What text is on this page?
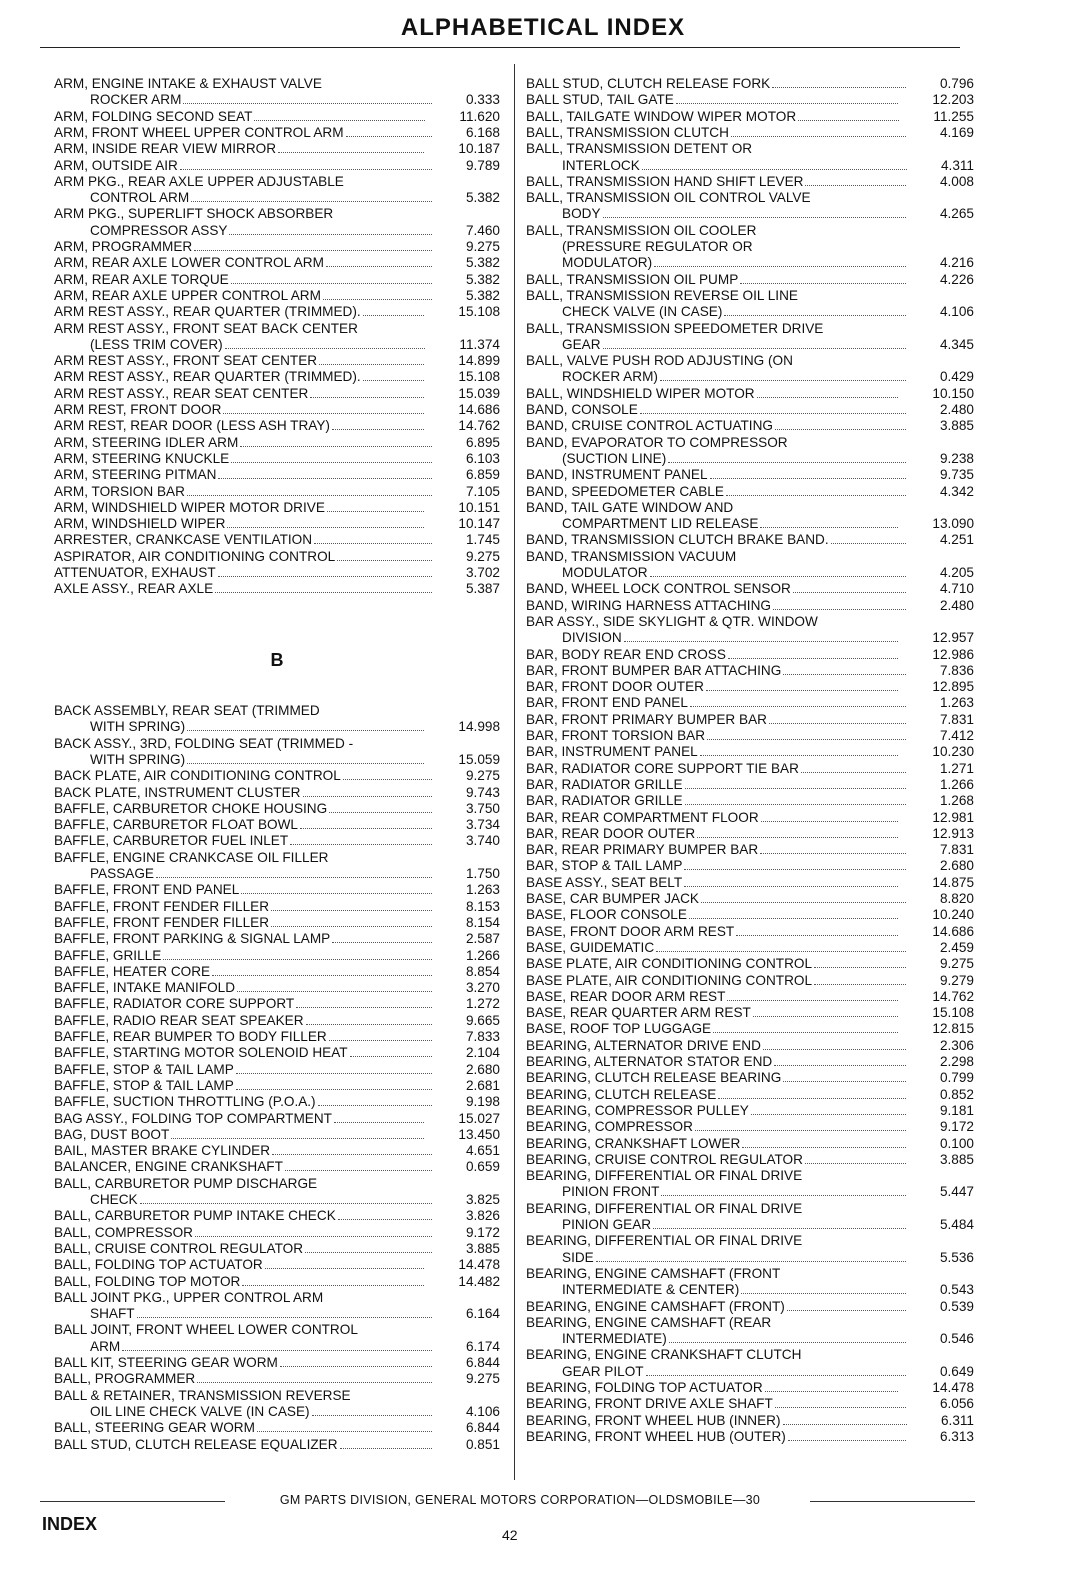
ALPHABETICAL INDEX
ARM, ENGINE INTAKE & EXHAUST VALVE
ROCKER ARM	0.333
ARM, FOLDING SECOND SEAT	11.620
ARM, FRONT WHEEL UPPER CONTROL ARM	6.168
ARM, INSIDE REAR VIEW MIRROR	10.187
ARM, OUTSIDE AIR	9.789
ARM PKG., REAR AXLE UPPER ADJUSTABLE
CONTROL ARM	5.382
ARM PKG., SUPERLIFT SHOCK ABSORBER
COMPRESSOR ASSY	7.460
ARM, PROGRAMMER	9.275
ARM, REAR AXLE LOWER CONTROL ARM	5.382
ARM, REAR AXLE TORQUE	5.382
ARM, REAR AXLE UPPER CONTROL ARM	5.382
ARM REST ASSY., REAR QUARTER (TRIMMED).	15.108
ARM REST ASSY., FRONT SEAT BACK CENTER
(LESS TRIM COVER)	11.374
ARM REST ASSY., FRONT SEAT CENTER	14.899
ARM REST ASSY., REAR QUARTER (TRIMMED).	15.108
ARM REST ASSY., REAR SEAT CENTER	15.039
ARM REST, FRONT DOOR	14.686
ARM REST, REAR DOOR (LESS ASH TRAY)	14.762
ARM, STEERING IDLER ARM	6.895
ARM, STEERING KNUCKLE	6.103
ARM, STEERING PITMAN	6.859
ARM, TORSION BAR	7.105
ARM, WINDSHIELD WIPER MOTOR DRIVE	10.151
ARM, WINDSHIELD WIPER	10.147
ARRESTER, CRANKCASE VENTILATION	1.745
ASPIRATOR, AIR CONDITIONING CONTROL	9.275
ATTENUATOR, EXHAUST	3.702
AXLE ASSY., REAR AXLE	5.387
B
BACK ASSEMBLY, REAR SEAT (TRIMMED
WITH SPRING)	14.998
BACK ASSY., 3RD, FOLDING SEAT (TRIMMED -
WITH SPRING)	15.059
BACK PLATE, AIR CONDITIONING CONTROL	9.275
BACK PLATE, INSTRUMENT CLUSTER	9.743
BAFFLE, CARBURETOR CHOKE HOUSING	3.750
BAFFLE, CARBURETOR FLOAT BOWL	3.734
BAFFLE, CARBURETOR FUEL INLET	3.740
BAFFLE, ENGINE CRANKCASE OIL FILLER
PASSAGE	1.750
BAFFLE, FRONT END PANEL	1.263
BAFFLE, FRONT FENDER FILLER	8.153
BAFFLE, FRONT FENDER FILLER	8.154
BAFFLE, FRONT PARKING & SIGNAL LAMP	2.587
BAFFLE, GRILLE	1.266
BAFFLE, HEATER CORE	8.854
BAFFLE, INTAKE MANIFOLD	3.270
BAFFLE, RADIATOR CORE SUPPORT	1.272
BAFFLE, RADIO REAR SEAT SPEAKER	9.665
BAFFLE, REAR BUMPER TO BODY FILLER	7.833
BAFFLE, STARTING MOTOR SOLENOID HEAT	2.104
BAFFLE, STOP & TAIL LAMP	2.680
BAFFLE, STOP & TAIL LAMP	2.681
BAFFLE, SUCTION THROTTLING (P.O.A.)	9.198
BAG ASSY., FOLDING TOP COMPARTMENT	15.027
BAG, DUST BOOT	13.450
BAIL, MASTER BRAKE CYLINDER	4.651
BALANCER, ENGINE CRANKSHAFT	0.659
BALL, CARBURETOR PUMP DISCHARGE
CHECK	3.825
BALL, CARBURETOR PUMP INTAKE CHECK	3.826
BALL, COMPRESSOR	9.172
BALL, CRUISE CONTROL REGULATOR	3.885
BALL, FOLDING TOP ACTUATOR	14.478
BALL, FOLDING TOP MOTOR	14.482
BALL JOINT PKG., UPPER CONTROL ARM
SHAFT	6.164
BALL JOINT, FRONT WHEEL LOWER CONTROL
ARM	6.174
BALL KIT, STEERING GEAR WORM	6.844
BALL, PROGRAMMER	9.275
BALL & RETAINER, TRANSMISSION REVERSE
OIL LINE CHECK VALVE (IN CASE)	4.106
BALL, STEERING GEAR WORM	6.844
BALL STUD, CLUTCH RELEASE EQUALIZER	0.851
BALL STUD, CLUTCH RELEASE FORK	0.796
BALL STUD, TAIL GATE	12.203
BALL, TAILGATE WINDOW WIPER MOTOR	11.255
BALL, TRANSMISSION CLUTCH	4.169
BALL, TRANSMISSION DETENT OR
INTERLOCK	4.311
BALL, TRANSMISSION HAND SHIFT LEVER	4.008
BALL, TRANSMISSION OIL CONTROL VALVE
BODY	4.265
BALL, TRANSMISSION OIL COOLER
(PRESSURE REGULATOR OR
MODULATOR)	4.216
BALL, TRANSMISSION OIL PUMP	4.226
BALL, TRANSMISSION REVERSE OIL LINE
CHECK VALVE (IN CASE)	4.106
BALL, TRANSMISSION SPEEDOMETER DRIVE
GEAR	4.345
BALL, VALVE PUSH ROD ADJUSTING (ON
ROCKER ARM)	0.429
BALL, WINDSHIELD WIPER MOTOR	10.150
BAND, CONSOLE	2.480
BAND, CRUISE CONTROL ACTUATING	3.885
BAND, EVAPORATOR TO COMPRESSOR
(SUCTION LINE)	9.238
BAND, INSTRUMENT PANEL	9.735
BAND, SPEEDOMETER CABLE	4.342
BAND, TAIL GATE WINDOW AND
COMPARTMENT LID RELEASE	13.090
BAND, TRANSMISSION CLUTCH BRAKE BAND.	4.251
BAND, TRANSMISSION VACUUM
MODULATOR	4.205
BAND, WHEEL LOCK CONTROL SENSOR	4.710
BAND, WIRING HARNESS ATTACHING	2.480
BAR ASSY., SIDE SKYLIGHT & QTR. WINDOW
DIVISION	12.957
BAR, BODY REAR END CROSS	12.986
BAR, FRONT BUMPER BAR ATTACHING	7.836
BAR, FRONT DOOR OUTER	12.895
BAR, FRONT END PANEL	1.263
BAR, FRONT PRIMARY BUMPER BAR	7.831
BAR, FRONT TORSION BAR	7.412
BAR, INSTRUMENT PANEL	10.230
BAR, RADIATOR CORE SUPPORT TIE BAR	1.271
BAR, RADIATOR GRILLE	1.266
BAR, RADIATOR GRILLE	1.268
BAR, REAR COMPARTMENT FLOOR	12.981
BAR, REAR DOOR OUTER	12.913
BAR, REAR PRIMARY BUMPER BAR	7.831
BAR, STOP & TAIL LAMP	2.680
BASE ASSY., SEAT BELT	14.875
BASE, CAR BUMPER JACK	8.820
BASE, FLOOR CONSOLE	10.240
BASE, FRONT DOOR ARM REST	14.686
BASE, GUIDEMATIC	2.459
BASE PLATE, AIR CONDITIONING CONTROL	9.275
BASE PLATE, AIR CONDITIONING CONTROL	9.279
BASE, REAR DOOR ARM REST	14.762
BASE, REAR QUARTER ARM REST	15.108
BASE, ROOF TOP LUGGAGE	12.815
BEARING, ALTERNATOR DRIVE END	2.306
BEARING, ALTERNATOR STATOR END	2.298
BEARING, CLUTCH RELEASE BEARING	0.799
BEARING, CLUTCH RELEASE	0.852
BEARING, COMPRESSOR PULLEY	9.181
BEARING, COMPRESSOR	9.172
BEARING, CRANKSHAFT LOWER	0.100
BEARING, CRUISE CONTROL REGULATOR	3.885
BEARING, DIFFERENTIAL OR FINAL DRIVE
PINION FRONT	5.447
BEARING, DIFFERENTIAL OR FINAL DRIVE
PINION GEAR	5.484
BEARING, DIFFERENTIAL OR FINAL DRIVE
SIDE	5.536
BEARING, ENGINE CAMSHAFT (FRONT
INTERMEDIATE & CENTER)	0.543
BEARING, ENGINE CAMSHAFT (FRONT)	0.539
BEARING, ENGINE CAMSHAFT (REAR
INTERMEDIATE)	0.546
BEARING, ENGINE CRANKSHAFT CLUTCH
GEAR PILOT	0.649
BEARING, FOLDING TOP ACTUATOR	14.478
BEARING, FRONT DRIVE AXLE SHAFT	6.056
BEARING, FRONT WHEEL HUB (INNER)	6.311
BEARING, FRONT WHEEL HUB (OUTER)	6.313
GM PARTS DIVISION, GENERAL MOTORS CORPORATION—OLDSMOBILE—30
INDEX
42
